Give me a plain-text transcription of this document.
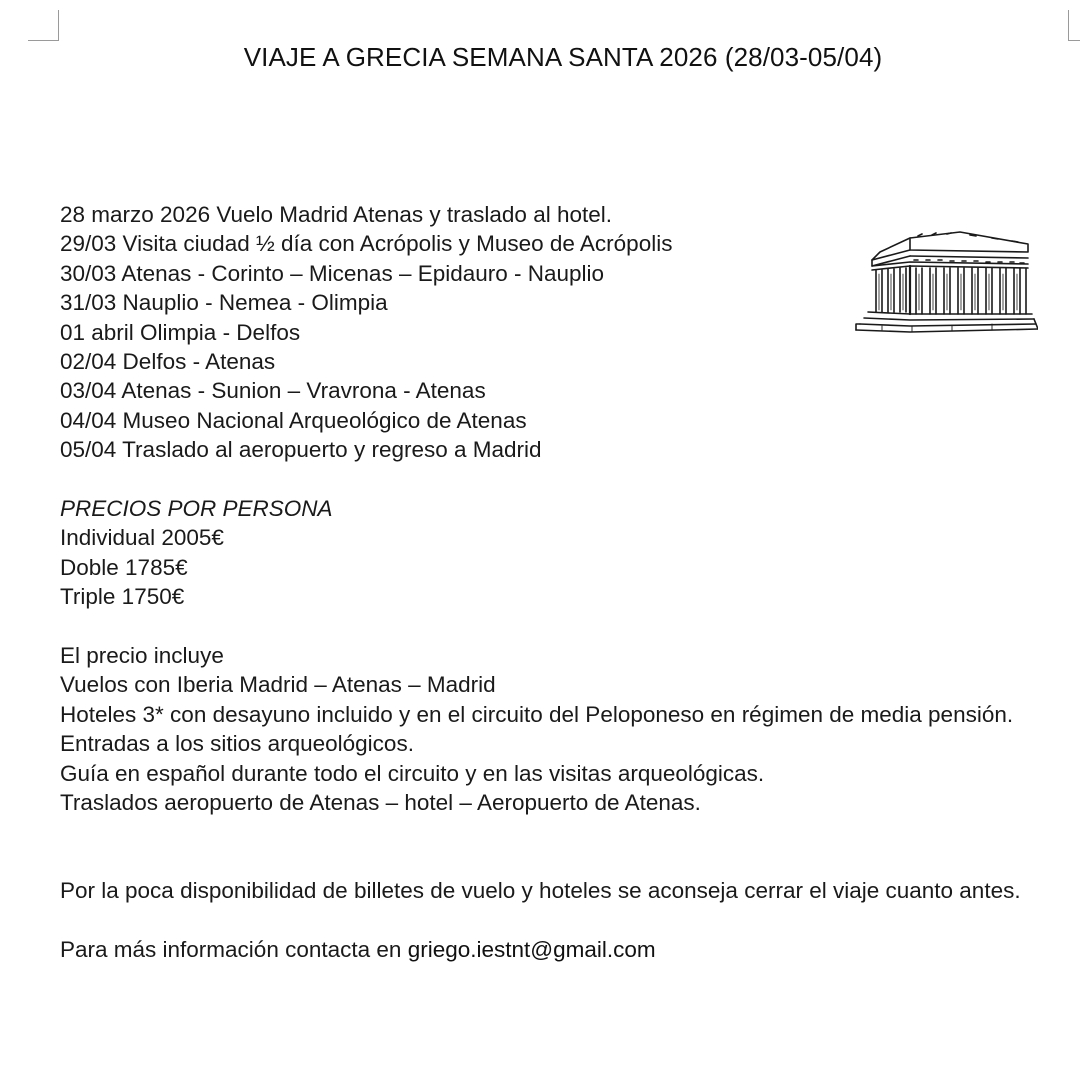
VIAJE A GRECIA SEMANA SANTA 2026 (28/03-05/04)
28 marzo 2026 Vuelo Madrid Atenas y traslado al hotel.
29/03 Visita ciudad ½ día con Acrópolis y Museo de Acrópolis
30/03 Atenas - Corinto – Micenas – Epidauro - Nauplio
31/03 Nauplio - Nemea - Olimpia
01 abril Olimpia - Delfos
02/04 Delfos - Atenas
03/04 Atenas - Sunion – Vravrona - Atenas
04/04 Museo Nacional Arqueológico de Atenas
05/04 Traslado al aeropuerto y regreso a Madrid
PRECIOS POR PERSONA
Individual 2005€
Doble 1785€
Triple 1750€
El precio incluye
Vuelos con Iberia Madrid – Atenas – Madrid
Hoteles 3* con desayuno incluido y en el circuito del Peloponeso en régimen de media pensión.
Entradas a los sitios arqueológicos.
Guía en español durante todo el circuito y en las visitas arqueológicas.
Traslados aeropuerto de Atenas – hotel – Aeropuerto de Atenas.
Por la poca disponibilidad de billetes de vuelo y hoteles se aconseja cerrar el viaje cuanto antes.
Para más información contacta en griego.iestnt@gmail.com
